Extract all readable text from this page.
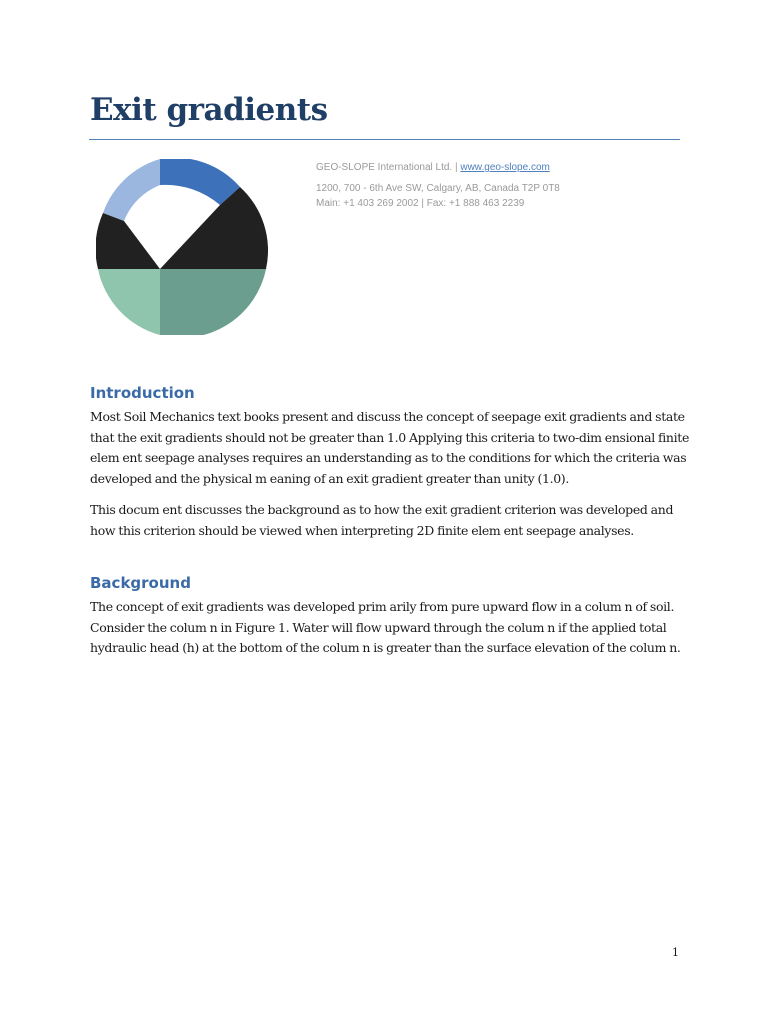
Exit gradients
GEO-SLOPE International Ltd. | www.geo-slope.com
1200, 700 - 6th Ave SW, Calgary, AB, Canada T2P 0T8
Main: +1 403 269 2002 | Fax: +1 888 463 2239
Introduction
Most Soil Mechanics text books present and discuss the concept of seepage exit gradients and state
that the exit gradients should not be greater than 1.0 Applying this criteria to two-dim ensional finite
elem ent seepage analyses requires an understanding as to the conditions for which the criteria was
developed and the physical m eaning of an exit gradient greater than unity (1.0).
This docum ent discusses the background as to how the exit gradient criterion was developed and
how this criterion should be viewed when interpreting 2D finite elem ent seepage analyses.
Background
The concept of exit gradients was developed prim arily from pure upward flow in a colum n of soil.
Consider the colum n in Figure 1. Water will flow upward through the colum n if the applied total
hydraulic head (h) at the bottom of the colum n is greater than the surface elevation of the colum n.
1
